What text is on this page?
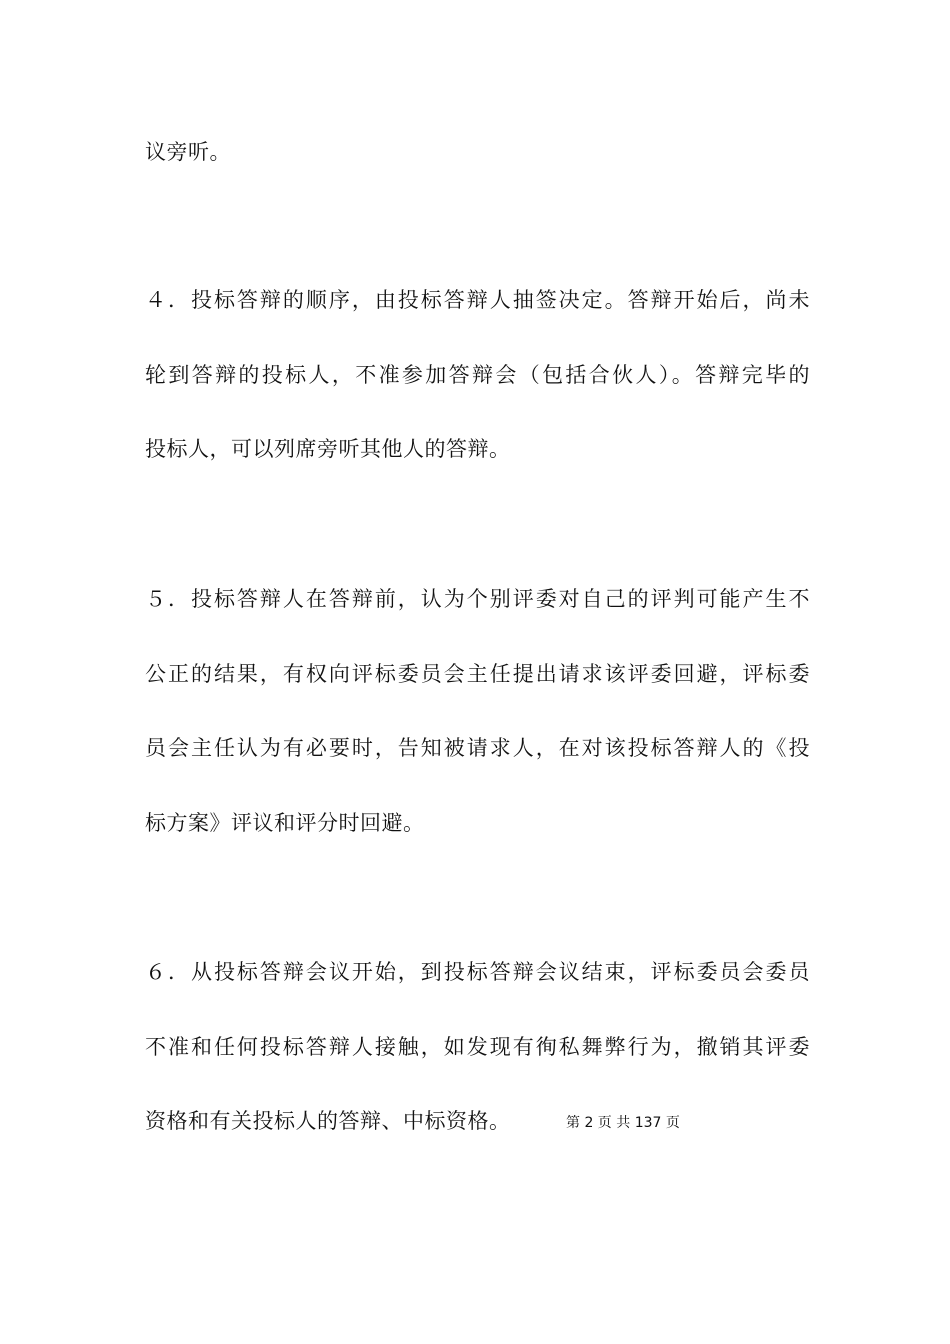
议旁听。
４．投标答辩的顺序，由投标答辩人抽签决定。答辩开始后，尚未
轮到答辩的投标人，不准参加答辩会（包括合伙人）。答辩完毕的
投标人，可以列席旁听其他人的答辩。
５．投标答辩人在答辩前，认为个别评委对自己的评判可能产生不
公正的结果，有权向评标委员会主任提出请求该评委回避，评标委
员会主任认为有必要时，告知被请求人，在对该投标答辩人的《投
标方案》评议和评分时回避。
６．从投标答辩会议开始，到投标答辩会议结束，评标委员会委员
不准和任何投标答辩人接触，如发现有徇私舞弊行为，撤销其评委
资格和有关投标人的答辩、中标资格。	第 2 页 共 137 页
